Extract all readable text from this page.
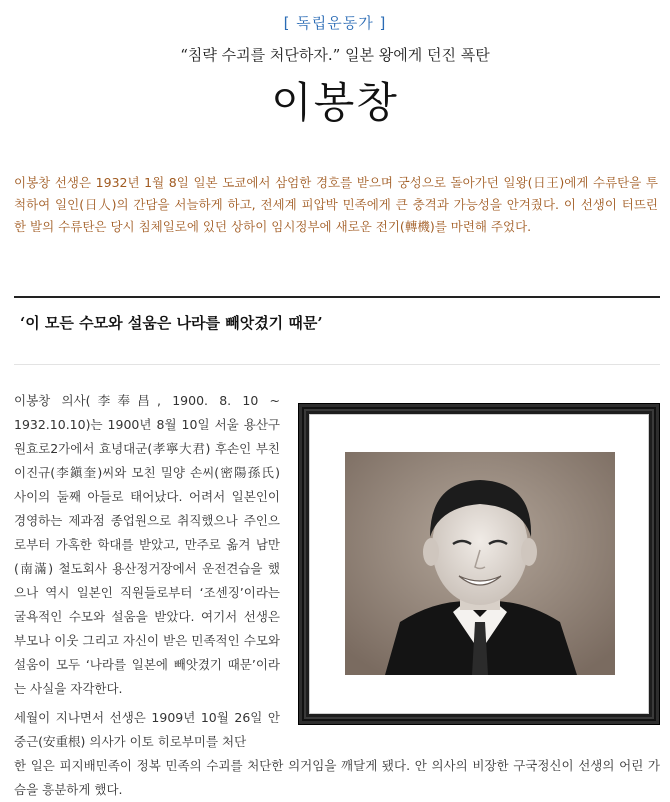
[ 독립운동가 ]
“침략 수괴를 처단하자.” 일본 왕에게 던진 폭탄
이봉창
이봉창 선생은 1932년 1월 8일 일본 도쿄에서 삼엄한 경호를 받으며 궁성으로 돌아가던 일왕(日王)에게 수류탄을 투척하여 일인(日人)의 간담을 서늘하게 하고, 전세계 피압박 민족에게 큰 충격과 가능성을 안겨줬다. 이 선생이 터뜨린 한 발의 수류탄은 당시 침체일로에 있던 상하이 임시정부에 새로운 전기(轉機)를 마련해 주었다.
‘이 모든 수모와 설움은 나라를 빼앗겼기 때문’
이봉창 의사(李奉昌, 1900. 8. 10 ~ 1932.10.10)는 1900년 8월 10일 서울 용산구 원효로2가에서 효녕대군(孝寧大君) 후손인 부친 이진규(李鎭奎)씨와 모친 밀양 손씨(密陽孫氏) 사이의 둘째 아들로 태어났다. 어려서 일본인이 경영하는 제과점 종업원으로 취직했으나 주인으로부터 가혹한 학대를 받았고, 만주로 옮겨 남만(南滿) 철도회사 용산정거장에서 운전견습을 했으나 역시 일본인 직원들로부터 ‘조센징’이라는 굴욕적인 수모와 설움을 받았다. 여기서 선생은 부모나 이웃 그리고 자신이 받은 민족적인 수모와 설움이 모두 ‘나라를 일본에 빼앗겼기 때문’이라는 사실을 자각한다.
세월이 지나면서 선생은 1909년 10월 26일 안중근(安重根) 의사가 이토 히로부미를 처단
한 일은 피지배민족이 정복 민족의 수괴를 처단한 의거임을 깨달게 됐다. 안 의사의 비장한 구국정신이 선생의 어린 가슴을 흥분하게 했다.
